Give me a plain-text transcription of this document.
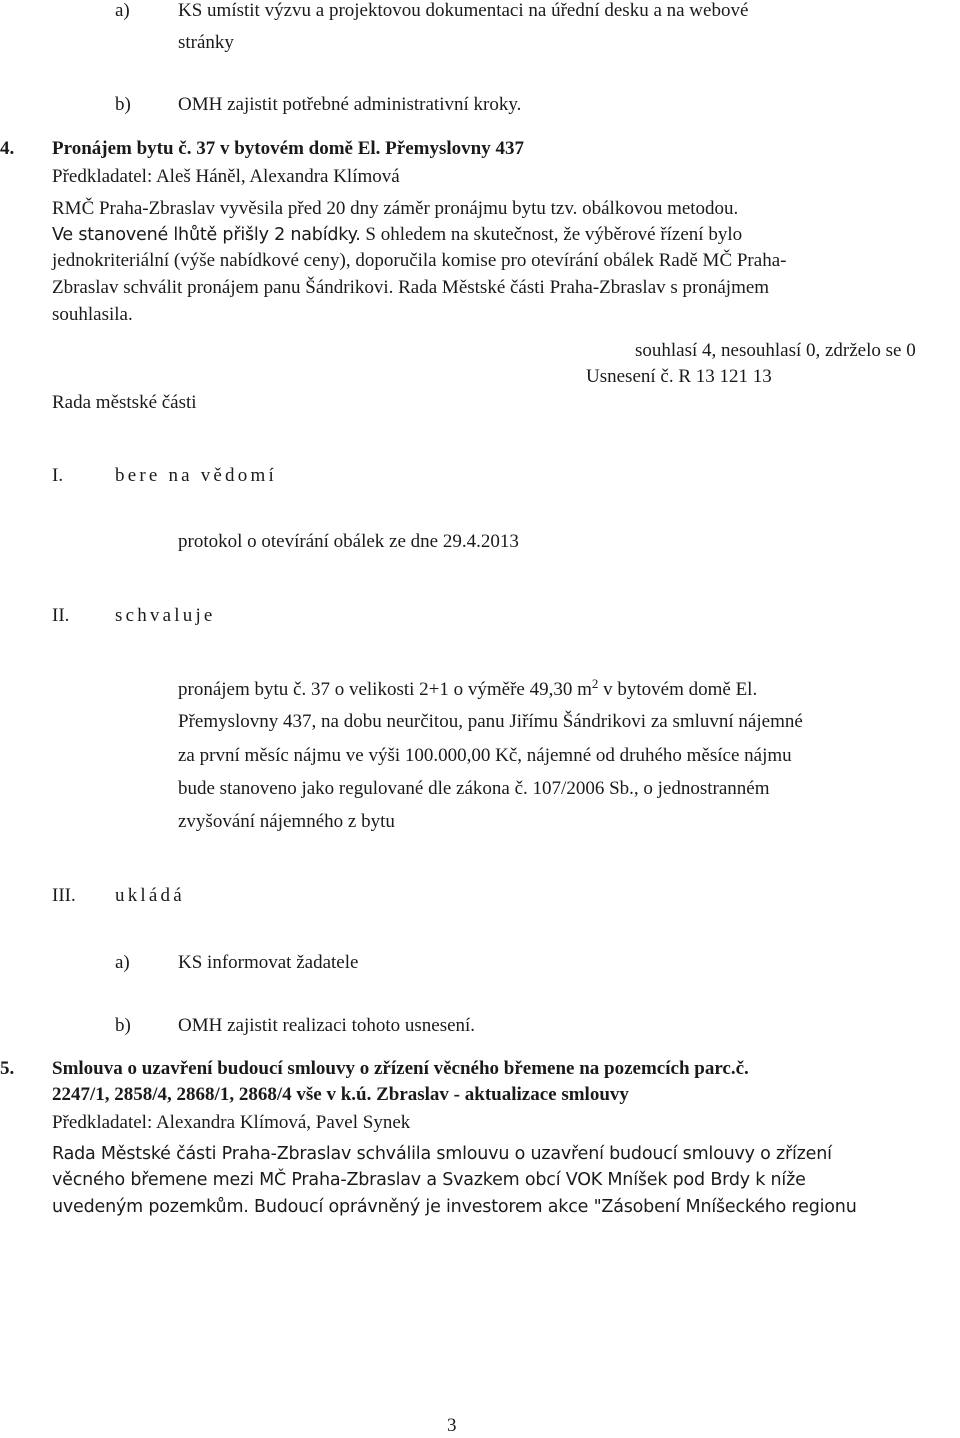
a)	KS umístit výzvu a projektovou dokumentaci na úřední desku a na webové
stránky
b) OMH zajistit potřebné administrativní kroky.
4. Pronájem bytu č. 37 v bytovém domě El. Přemyslovny 437
Předkladatel: Aleš Háněl, Alexandra Klímová
RMČ Praha-Zbraslav vyvěsila před 20 dny záměr pronájmu bytu tzv. obálkovou metodou.
Ve stanovené lhůtě přišly 2 nabídky. S ohledem na skutečnost, že výběrové řízení bylo
jednokriteriální (výše nabídkové ceny), doporučila komise pro otevírání obálek Radě MČ Praha-
Zbraslav schválit pronájem panu Šándrikovi. Rada Městské části Praha-Zbraslav s pronájmem
souhlasila.
souhlasí 4, nesouhlasí 0, zdrželo se 0
Usnesení č. R 13 121 13
Rada městské části
I.	bere na vědomí
protokol o otevírání obálek ze dne 29.4.2013
II. schvaluje
pronájem bytu č. 37 o velikosti 2+1 o výměře 49,30 $m^2$ v bytovém domě El.
Přemyslovny 437, na dobu neurčitou, panu Jiřímu Šándrikovi za smluvní nájemné
za první měsíc nájmu ve výši 100.000,00 Kč, nájemné od druhého měsíce nájmu
bude stanoveno jako regulované dle zákona č. 107/2006 Sb., o jednostranném
zvyšování nájemného z bytu
III. ukládá
a)	KS informovat žadatele
b) OMH zajistit realizaci tohoto usnesení.
5. Smlouva o uzavření budoucí smlouvy o zřízení věcného břemene na pozemcích parc.č.
2247/1, 2858/4, 2868/1, 2868/4 vše v k.ú. Zbraslav - aktualizace smlouvy
Předkladatel: Alexandra Klímová, Pavel Synek
Rada Městské části Praha-Zbraslav schválila smlouvu o uzavření budoucí smlouvy o zřízení
věcného břemene mezi MČ Praha-Zbraslav a Svazkem obcí VOK Mníšek pod Brdy k níže
uvedeným pozemkům. Budoucí oprávněný je investorem akce "Zásobení Mníšeckého regionu
3
